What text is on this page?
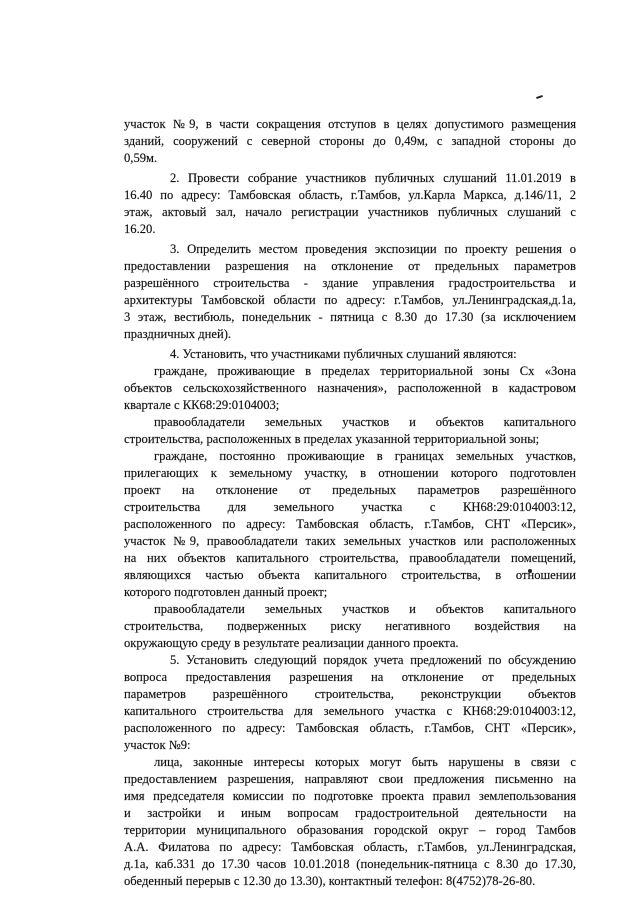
участок №9, в части сокращения отступов в целях допустимого размещения
зданий, сооружений с северной стороны до 0,49м, с западной стороны до
0,59м.
2. Провести собрание участников публичных слушаний 11.01.2019 в
16.40 по адресу: Тамбовская область, г.Тамбов, ул.Карла Маркса, д.146/11, 2
этаж, актовый зал, начало регистрации участников публичных слушаний с
16.20.
3. Определить местом проведения экспозиции по проекту решения о
предоставлении разрешения на отклонение от предельных параметров
разрешённого строительства - здание управления градостроительства и
архитектуры Тамбовской области по адресу: г.Тамбов, ул.Ленинградская,д.1а,
3 этаж, вестибюль, понедельник - пятница с 8.30 до 17.30 (за исключением
праздничных дней).
4. Установить, что участниками публичных слушаний являются:
граждане, проживающие в пределах территориальной зоны Сх «Зона
объектов сельскохозяйственного назначения», расположенной в кадастровом
квартале с КК68:29:0104003;
правообладатели земельных участков и объектов капитального
строительства, расположенных в пределах указанной территориальной зоны;
граждане, постоянно проживающие в границах земельных участков,
прилегающих к земельному участку, в отношении которого подготовлен
проект на отклонение от предельных параметров разрешённого
строительства для земельного участка с КН68:29:0104003:12,
расположенного по адресу: Тамбовская область, г.Тамбов, СНТ «Персик»,
участок №9, правообладатели таких земельных участков или расположенных
на них объектов капитального строительства, правообладатели помещений,
являющихся частью объекта капитального строительства, в отношении
которого подготовлен данный проект;
правообладатели земельных участков и объектов капитального
строительства, подверженных риску негативного воздействия на
окружающую среду в результате реализации данного проекта.
5. Установить следующий порядок учета предложений по обсуждению
вопроса предоставления разрешения на отклонение от предельных
параметров разрешённого строительства, реконструкции объектов
капитального строительства для земельного участка с КН68:29:0104003:12,
расположенного по адресу: Тамбовская область, г.Тамбов, СНТ «Персик»,
участок №9:
лица, законные интересы которых могут быть нарушены в связи с
предоставлением разрешения, направляют свои предложения письменно на
имя председателя комиссии по подготовке проекта правил землепользования
и застройки и иным вопросам градостроительной деятельности на
территории муниципального образования городской округ – город Тамбов
А.А. Филатова по адресу: Тамбовская область, г.Тамбов, ул.Ленинградская,
д.1а, каб.331 до 17.30 часов 10.01.2018 (понедельник-пятница с 8.30 до 17.30,
обеденный перерыв с 12.30 до 13.30), контактный телефон: 8(4752)78-26-80.
